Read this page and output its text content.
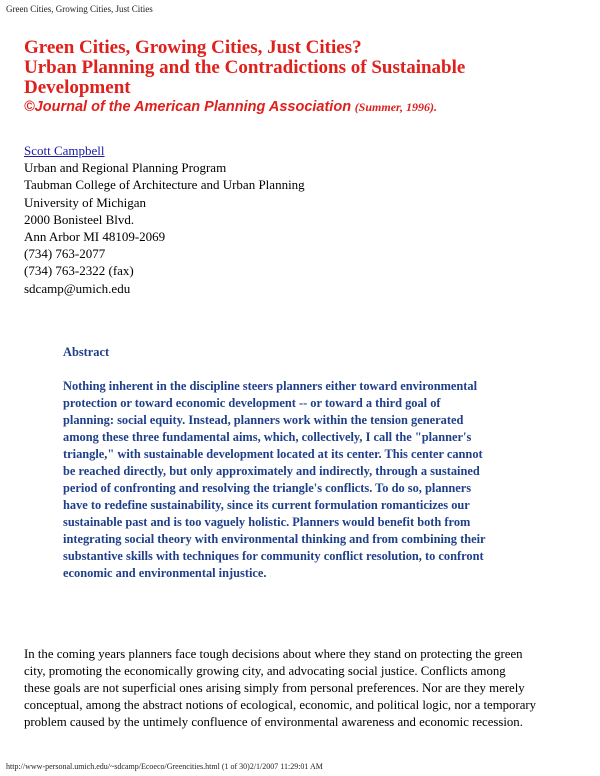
Green Cities, Growing Cities, Just Cities
Green Cities, Growing Cities, Just Cities?
Urban Planning and the Contradictions of Sustainable
Development
©Journal of the American Planning Association (Summer, 1996).
Scott Campbell
Urban and Regional Planning Program
Taubman College of Architecture and Urban Planning
University of Michigan
2000 Bonisteel Blvd.
Ann Arbor MI 48109-2069
(734) 763-2077
(734) 763-2322 (fax)
sdcamp@umich.edu
Abstract
Nothing inherent in the discipline steers planners either toward environmental
protection or toward economic development -- or toward a third goal of
planning: social equity. Instead, planners work within the tension generated
among these three fundamental aims, which, collectively, I call the "planner's
triangle," with sustainable development located at its center. This center cannot
be reached directly, but only approximately and indirectly, through a sustained
period of confronting and resolving the triangle's conflicts. To do so, planners
have to redefine sustainability, since its current formulation romanticizes our
sustainable past and is too vaguely holistic. Planners would benefit both from
integrating social theory with environmental thinking and from combining their
substantive skills with techniques for community conflict resolution, to confront
economic and environmental injustice.
In the coming years planners face tough decisions about where they stand on protecting the green
city, promoting the economically growing city, and advocating social justice. Conflicts among
these goals are not superficial ones arising simply from personal preferences. Nor are they merely
conceptual, among the abstract notions of ecological, economic, and political logic, nor a temporary
problem caused by the untimely confluence of environmental awareness and economic recession.
http://www-personal.umich.edu/~sdcamp/Ecoeco/Greencities.html (1 of 30)2/1/2007 11:29:01 AM
